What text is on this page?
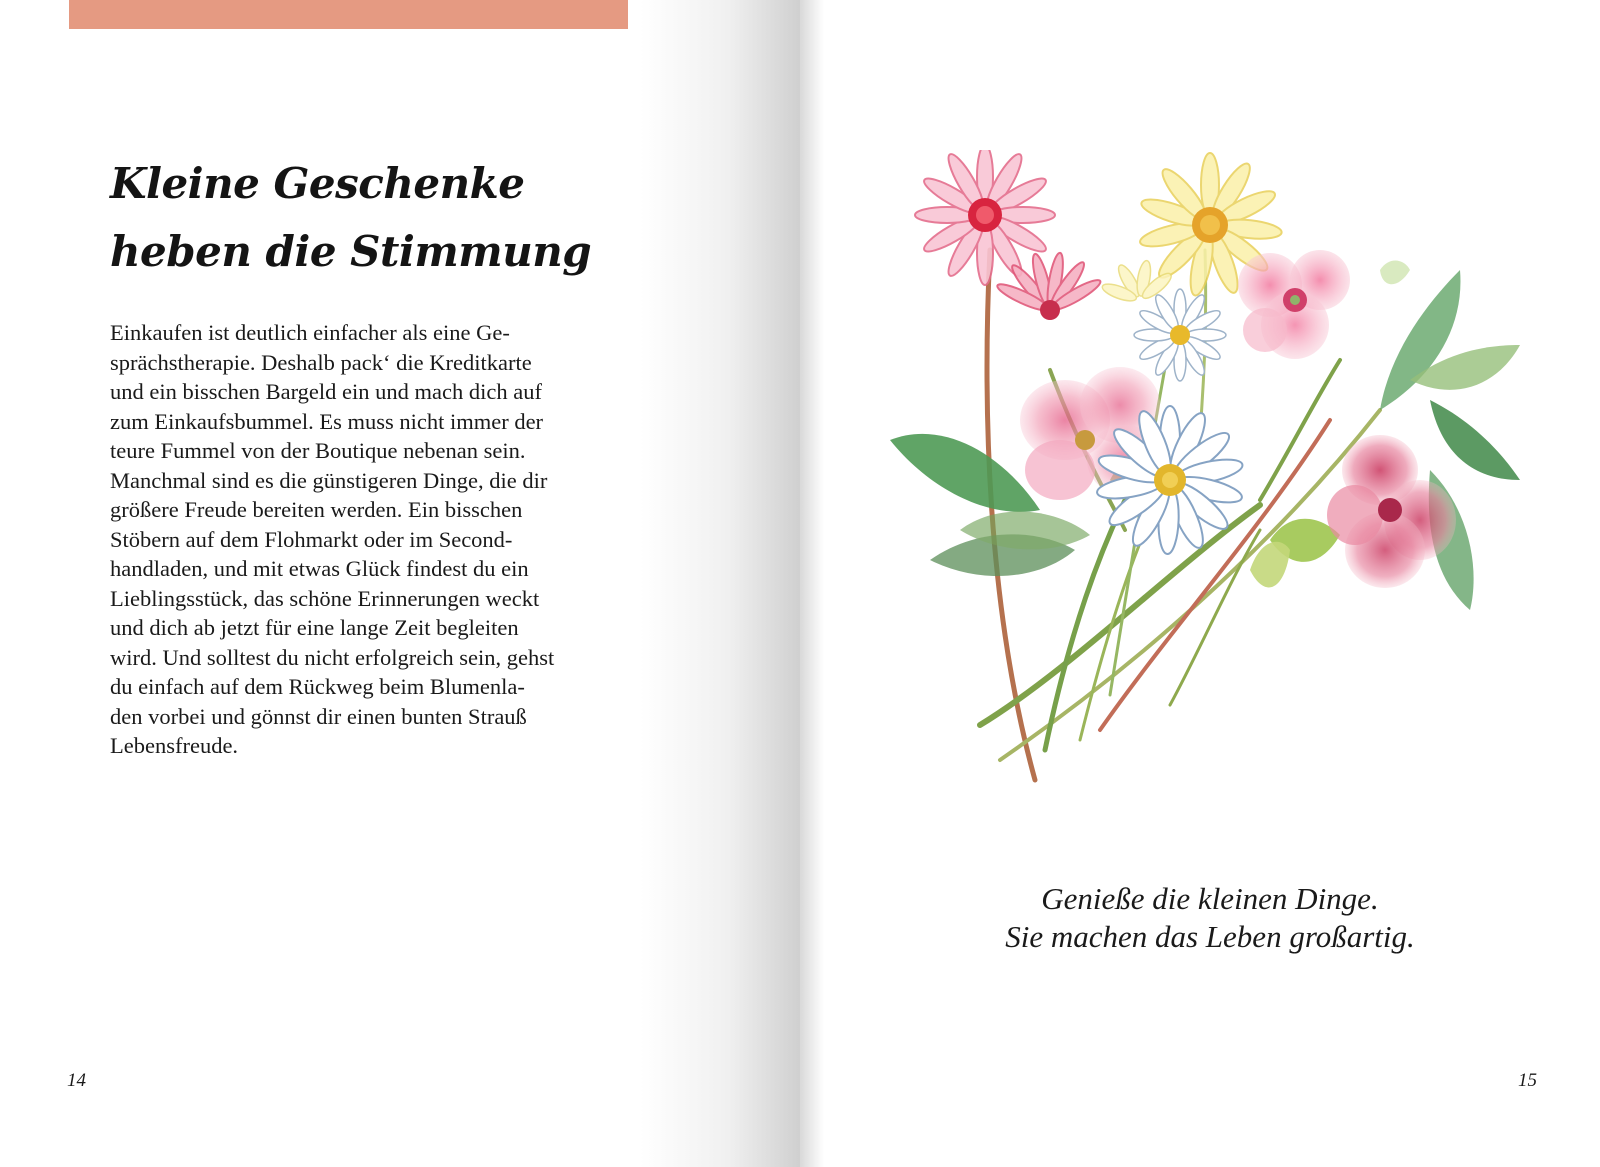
Kleine Geschenke
heben die Stimmung

Einkaufen ist deutlich einfacher als eine Ge-
sprächstherapie. Deshalb pack‘ die Kreditkarte
und ein bisschen Bargeld ein und mach dich auf
zum Einkaufsbummel. Es muss nicht immer der
teure Fummel von der Boutique nebenan sein.
Manchmal sind es die günstigeren Dinge, die dir
größere Freude bereiten werden. Ein bisschen
Stöbern auf dem Flohmarkt oder im Second-
handladen, und mit etwas Glück findest du ein
Lieblingsstück, das schöne Erinnerungen weckt
und dich ab jetzt für eine lange Zeit begleiten
wird. Und solltest du nicht erfolgreich sein, gehst
du einfach auf dem Rückweg beim Blumenla-
den vorbei und gönnst dir einen bunten Strauß
Lebensfreude.

14

Genieße die kleinen Dinge.
Sie machen das Leben großartig.

15
